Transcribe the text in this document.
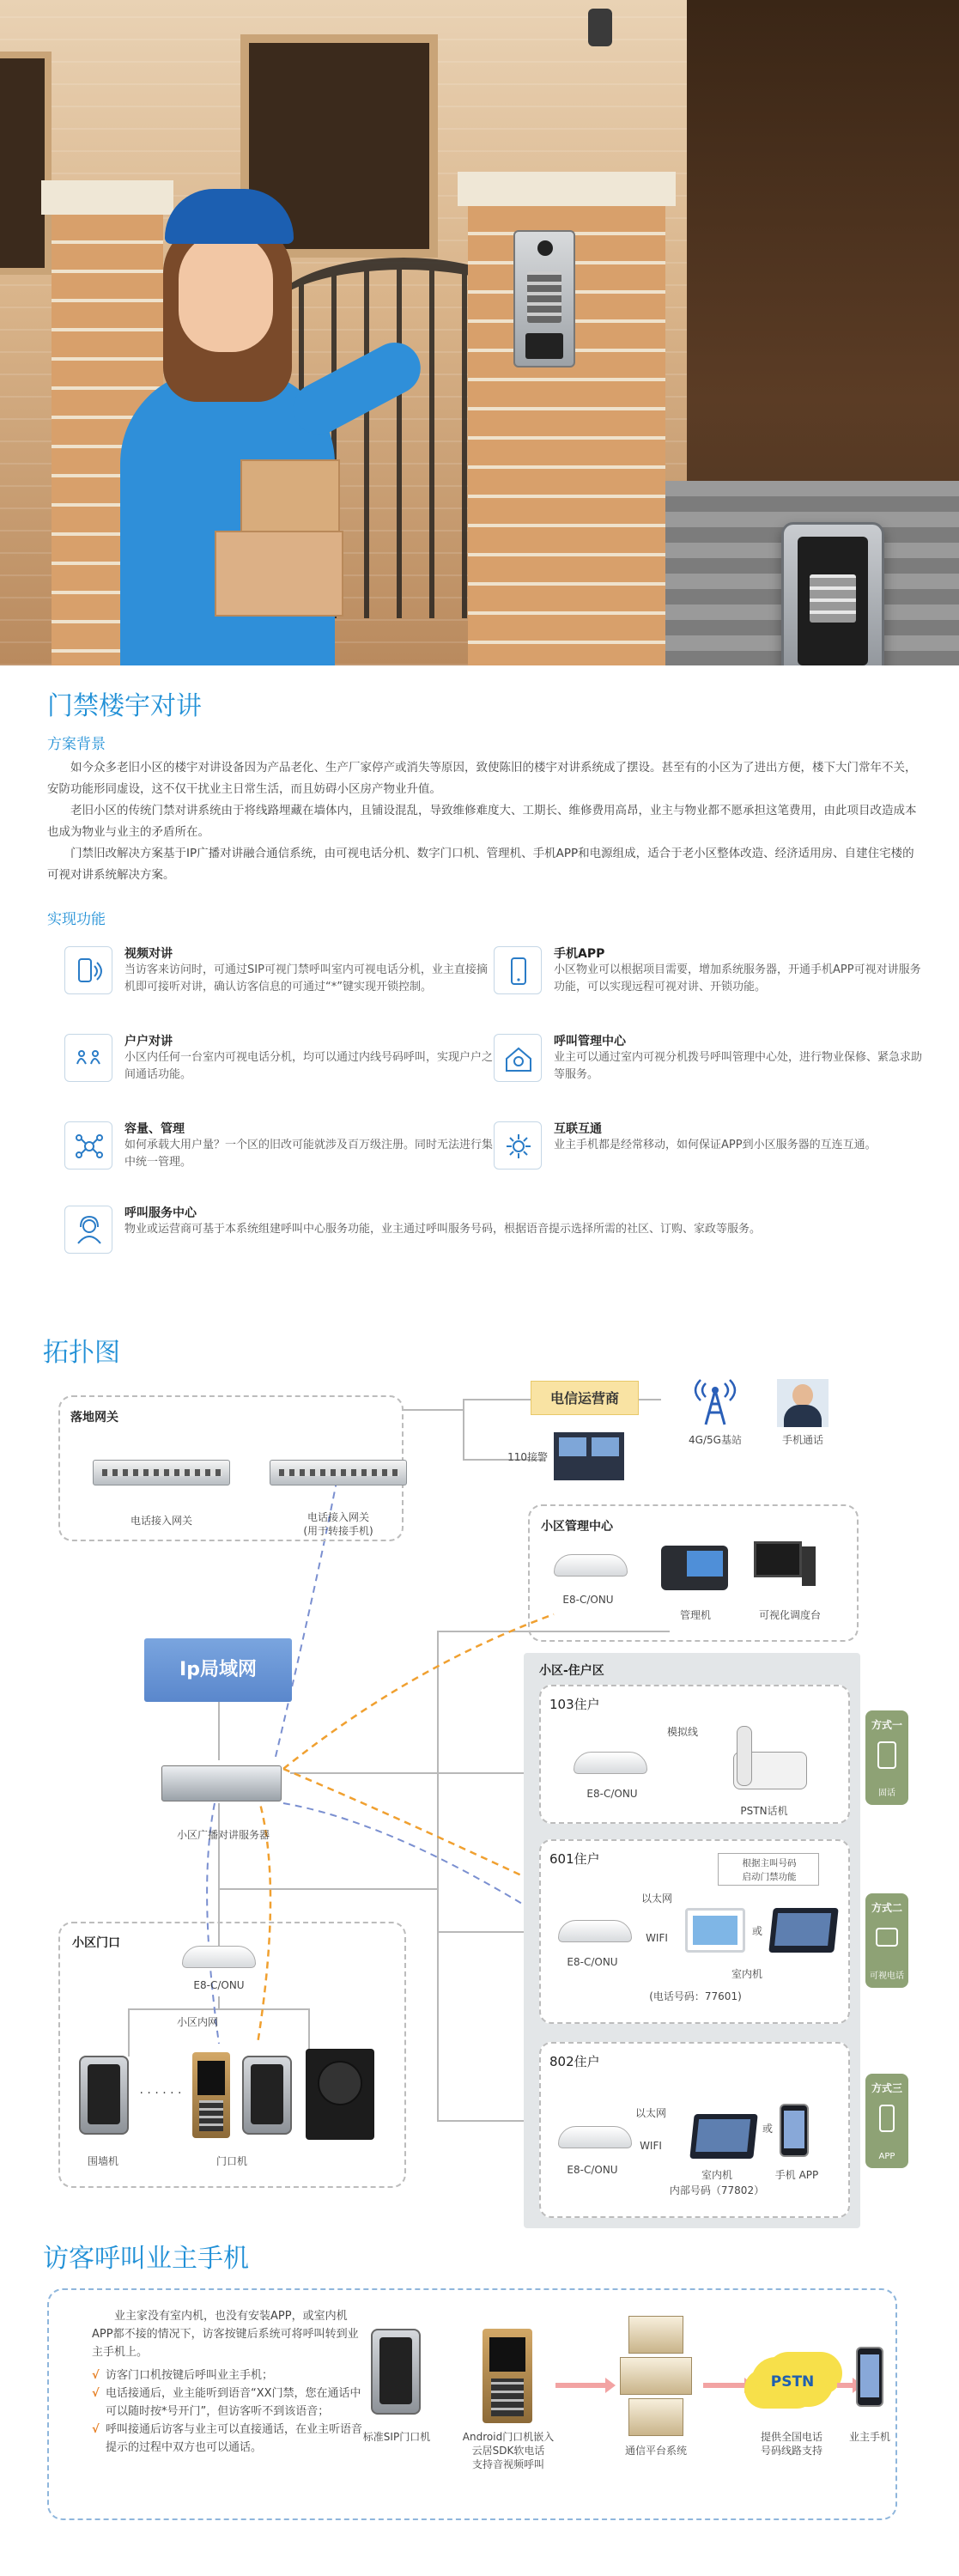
门禁楼宇对讲
方案背景
如今众多老旧小区的楼宇对讲设备因为产品老化、生产厂家停产或消失等原因，致使陈旧的楼宇对讲系统成了摆设。甚至有的小区为了进出方便，楼下大门常年不关，安防功能形同虚设，这不仅干扰业主日常生活，而且妨碍小区房产物业升值。
老旧小区的传统门禁对讲系统由于将线路埋藏在墙体内，且铺设混乱，导致维修难度大、工期长、维修费用高昂，业主与物业都不愿承担这笔费用，由此项目改造成本也成为物业与业主的矛盾所在。
门禁旧改解决方案基于IP广播对讲融合通信系统，由可视电话分机、数字门口机、管理机、手机APP和电源组成，适合于老小区整体改造、经济适用房、自建住宅楼的可视对讲系统解决方案。
实现功能
视频对讲
当访客来访问时，可通过SIP可视门禁呼叫室内可视电话分机，业主直接摘机即可接听对讲，确认访客信息的可通过“*”键实现开锁控制。
手机APP
小区物业可以根据项目需要，增加系统服务器，开通手机APP可视对讲服务功能，可以实现远程可视对讲、开锁功能。
户户对讲
小区内任何一台室内可视电话分机，均可以通过内线号码呼叫，实现户户之间通话功能。
呼叫管理中心
业主可以通过室内可视分机拨号呼叫管理中心处，进行物业保修、紧急求助等服务。
容量、管理
如何承载大用户量？一个区的旧改可能就涉及百万级注册。同时无法进行集中统一管理。
互联互通
业主手机都是经常移动，如何保证APP到小区服务器的互连互通。
呼叫服务中心
物业或运营商可基于本系统组建呼叫中心服务功能，业主通过呼叫服务号码，根据语音提示选择所需的社区、订购、家政等服务。
拓扑图
落地网关
电话接入网关	电话接入网关
(用于转接手机)
电信运营商
4G/5G基站	手机通话
110接警
小区管理中心
E8-C/ONU
管理机	可视化调度台
Ip局域网
小区广播对讲服务器
小区-住户区
103住户
E8-C/ONU
模拟线
PSTN话机
601住户
E8-C/ONU
以太网
WIFI
根据主叫号码
启动门禁功能
或
室内机
(电话号码：77601)
802住户
E8-C/ONU
以太网
WIFI
或
室内机
内部号码（77802）
手机 APP
方式一
固话
方式二
可视电话
方式三
APP
小区门口
E8-C/ONU
小区内网
· · · · · ·
围墙机	门口机
访客呼叫业主手机
业主家没有室内机，也没有安装APP，或室内机APP都不接的情况下，访客按键后系统可将呼叫转到业主手机上。
√ 访客门口机按键后呼叫业主手机；
√ 电话接通后，业主能听到语音“XX门禁，您在通话中可以随时按*号开门”，但访客听不到该语音；
√ 呼叫接通后访客与业主可以直接通话，在业主听语音提示的过程中双方也可以通话。
标准SIP门口机	Android门口机嵌入
云居SDK软电话
支持音视频呼叫
通信平台系统
PSTN
提供全国电话
号码线路支持
业主手机
